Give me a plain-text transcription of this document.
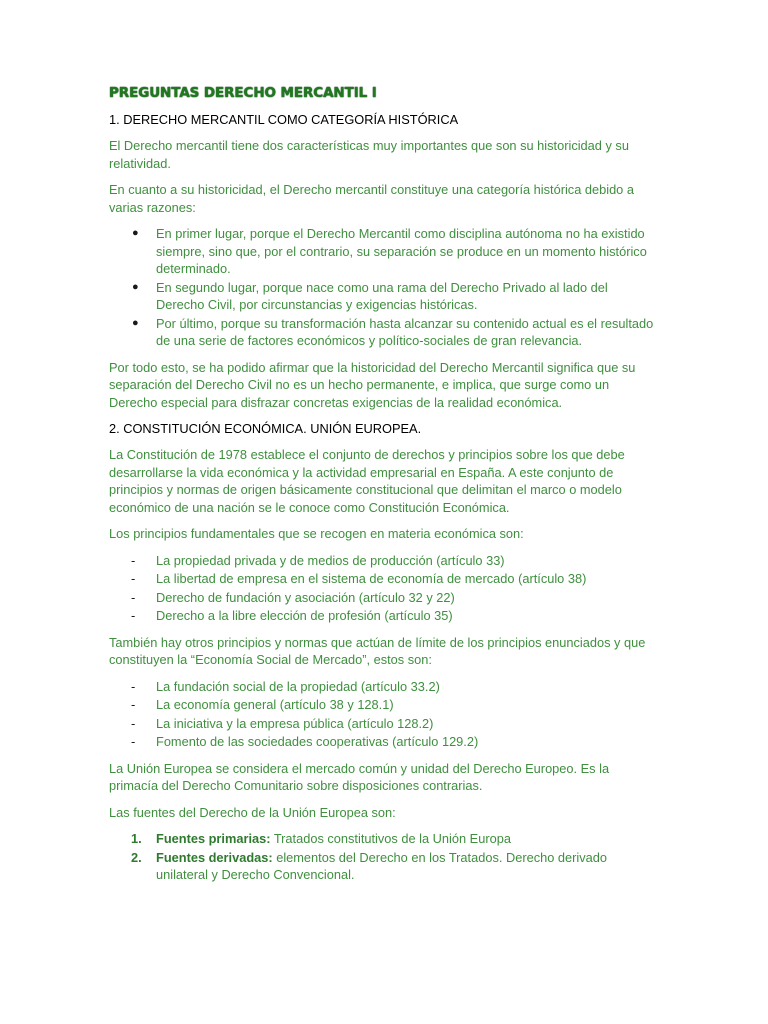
PREGUNTAS DERECHO MERCANTIL I
1. DERECHO MERCANTIL COMO CATEGORÍA HISTÓRICA

El Derecho mercantil tiene dos características muy importantes que son su historicidad y su relatividad.

En cuanto a su historicidad, el Derecho mercantil constituye una categoría histórica debido a varias razones:

● En primer lugar, porque el Derecho Mercantil como disciplina autónoma no ha existido siempre, sino que, por el contrario, su separación se produce en un momento histórico determinado.
● En segundo lugar, porque nace como una rama del Derecho Privado al lado del Derecho Civil, por circunstancias y exigencias históricas.
● Por último, porque su transformación hasta alcanzar su contenido actual es el resultado de una serie de factores económicos y político-sociales de gran relevancia.

Por todo esto, se ha podido afirmar que la historicidad del Derecho Mercantil significa que su separación del Derecho Civil no es un hecho permanente, e implica, que surge como un Derecho especial para disfrazar concretas exigencias de la realidad económica.

2. CONSTITUCIÓN ECONÓMICA. UNIÓN EUROPEA.

La Constitución de 1978 establece el conjunto de derechos y principios sobre los que debe desarrollarse la vida económica y la actividad empresarial en España. A este conjunto de principios y normas de origen básicamente constitucional que delimitan el marco o modelo económico de una nación se le conoce como Constitución Económica.

Los principios fundamentales que se recogen en materia económica son:

- La propiedad privada y de medios de producción (artículo 33)
- La libertad de empresa en el sistema de economía de mercado (artículo 38)
- Derecho de fundación y asociación (artículo 32 y 22)
- Derecho a la libre elección de profesión (artículo 35)

También hay otros principios y normas que actúan de límite de los principios enunciados y que constituyen la “Economía Social de Mercado”, estos son:

- La fundación social de la propiedad (artículo 33.2)
- La economía general (artículo 38 y 128.1)
- La iniciativa y la empresa pública (artículo 128.2)
- Fomento de las sociedades cooperativas (artículo 129.2)

La Unión Europea se considera el mercado común y unidad del Derecho Europeo. Es la primacía del Derecho Comunitario sobre disposiciones contrarias.

Las fuentes del Derecho de la Unión Europea son:

1. Fuentes primarias: Tratados constitutivos de la Unión Europa
2. Fuentes derivadas: elementos del Derecho en los Tratados. Derecho derivado unilateral y Derecho Convencional.
